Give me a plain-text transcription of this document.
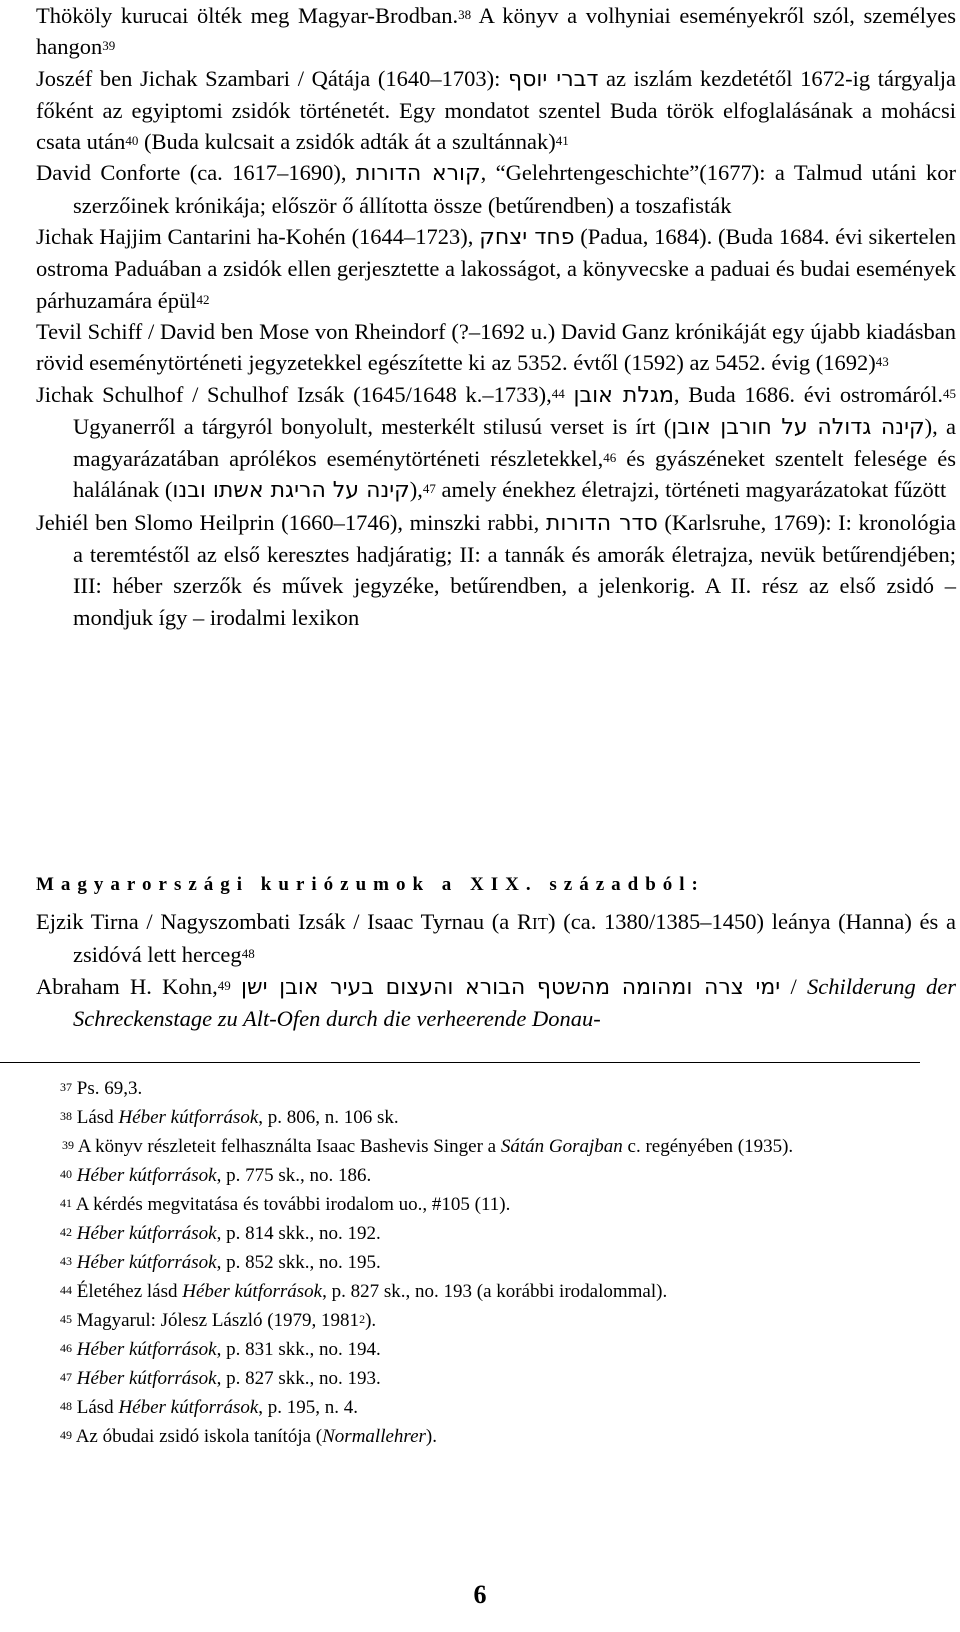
Thököly kurucai ölték meg Magyar-Brodban.$^{38}$ A könyv a volhyniai eseményekről szól, személyes hangon$^{39}$
Joszéf ben Jichak Szambari / Qátája (1640–1703): דברי יוסף az iszlám kezdetétől 1672-ig tárgyalja főként az egyiptomi zsidók történetét. Egy mondatot szentel Buda török elfoglalásának a mohácsi csata után$^{40}$ (Buda kulcsait a zsidók adták át a szultánnak)$^{41}$
David Conforte (ca. 1617–1690), קורא הדורות, “Gelehrtengeschichte”(1677): a Talmud utáni kor szerzőinek krónikája; először ő állította össze (betűrendben) a toszafisták
Jichak Hajjim Cantarini ha-Kohén (1644–1723), פחד יצחק (Padua, 1684). (Buda 1684. évi sikertelen ostroma Paduában a zsidók ellen gerjesztette a lakosságot, a könyvecske a paduai és budai események párhuzamára épül$^{42}$
Tevil Schiff / David ben Mose von Rheindorf (?–1692 u.) David Ganz krónikáját egy újabb kiadásban rövid eseménytörténeti jegyzetekkel egészítette ki az 5352. évtől (1592) az 5452. évig $(1692)^{43}$
Jichak Schulhof / Schulhof Izsák (1645/1648 k.–1733),$^{44}$ מגלת אובן, Buda 1686. évi ostromáról.$^{45}$ Ugyanerről a tárgyról bonyolult, mesterkélt stilusú verset is írt (קינה גדולה על חורבן אובן), a magyarázatában aprólékos eseménytörténeti részletekkel,$^{46}$ és gyászéneket szentelt felesége és halálának (קינה על הריגת אשתו ובנו),$^{47}$ amely énekhez életrajzi, történeti magyarázatokat fűzött
Jehiél ben Slomo Heilprin (1660–1746), minszki rabbi, סדר הדורות (Karlsruhe, 1769): I: kronológia a teremtéstől az első keresztes hadjáratig; II: a tannák és amorák életrajza, nevük betűrendjében; III: héber szerzők és művek jegyzéke, betűrendben, a jelenkorig. A II. rész az első zsidó – mondjuk így – irodalmi lexikon
Magyarországi kuriózumok a XIX. századból:
Ejzik Tirna / Nagyszombati Izsák / Isaac Tyrnau (a RIT) (ca. 1380/1385–1450) leánya (Hanna) és a zsidóvá lett herceg$^{48}$
Abraham H. Kohn,$^{49}$ ימי צרה ומהומה מהשטף הבורא והעצום בעיר אובן ישן / Schilderung der Schreckenstage zu Alt-Ofen durch die verheerende Donau-
$^{37}$ Ps. 69,3.
$^{38}$ Lásd Héber kútforrások, p. 806, n. 106 sk.
$^{39}$ A könyv részleteit felhasználta Isaac Bashevis Singer a Sátán Gorajban c. regényében (1935).
$^{40}$ Héber kútforrások, p. 775 sk., no. 186.
$^{41}$ A kérdés megvitatása és további irodalom uo., #105 (11).
$^{42}$ Héber kútforrások, p. 814 skk., no. 192.
$^{43}$ Héber kútforrások, p. 852 skk., no. 195.
$^{44}$ Életéhez lásd Héber kútforrások, p. 827 sk., no. 193 (a korábbi irodalommal).
$^{45}$ Magyarul: Jólesz László (1979, 1981$^2$).
$^{46}$ Héber kútforrások, p. 831 skk., no. 194.
$^{47}$ Héber kútforrások, p. 827 skk., no. 193.
$^{48}$ Lásd Héber kútforrások, p. 195, n. 4.
$^{49}$ Az óbudai zsidó iskola tanítója (Normallehrer).
6
